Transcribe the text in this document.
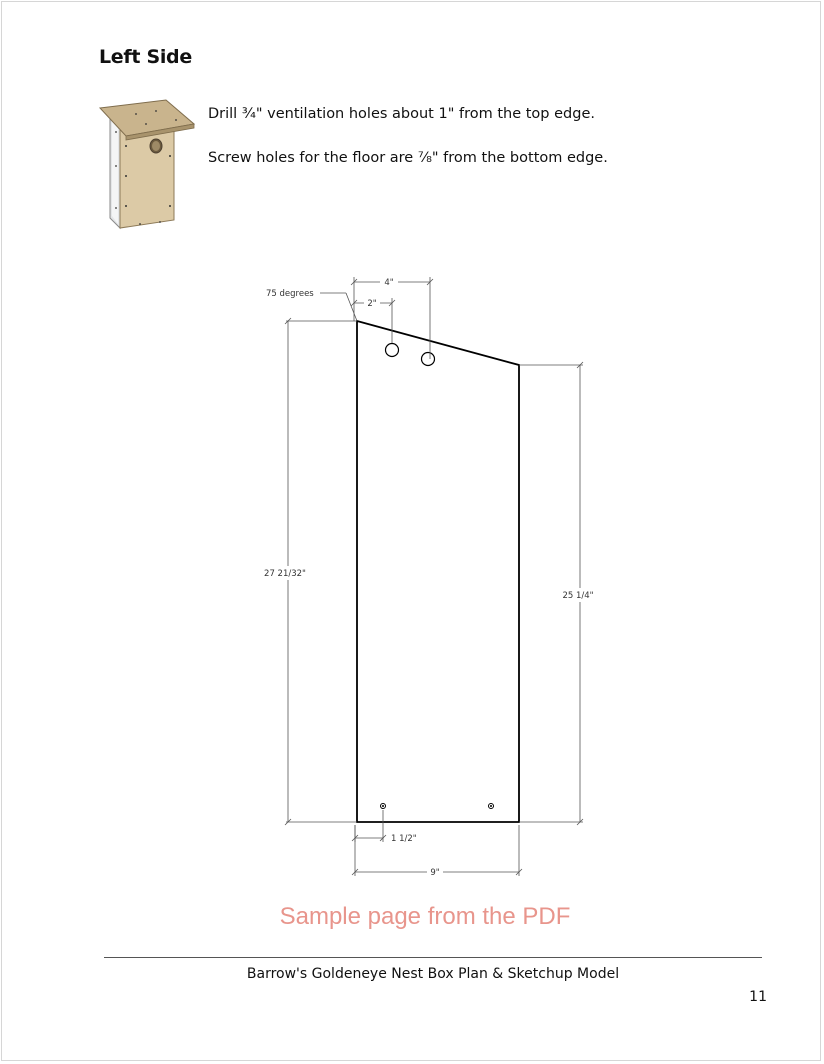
Left Side
Drill ¾" ventilation holes about 1" from the top edge.
Screw holes for the floor are ⅞" from the bottom edge.
4"
2"
75 degrees
27 21/32"
25 1/4"
1 1/2"
9"
Sample page from the PDF
Barrow's Goldeneye Nest Box Plan & Sketchup Model
11
